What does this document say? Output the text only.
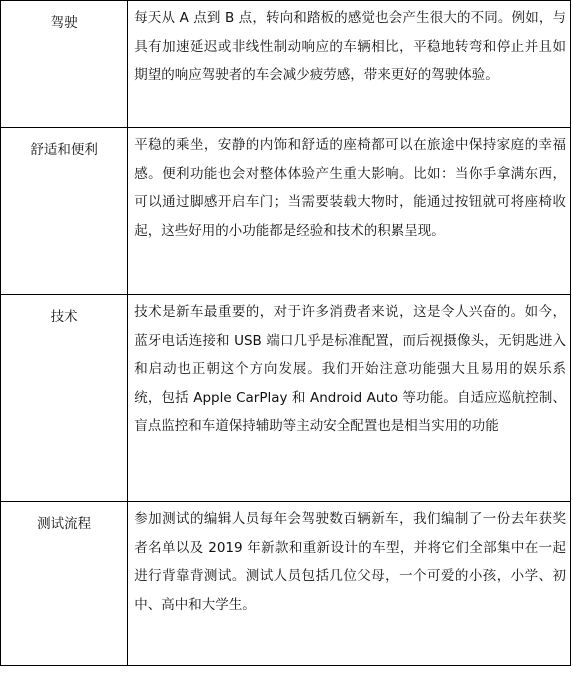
驾驶	每天从 A 点到 B 点，转向和踏板的感觉也会产生很大的不同。例如，与具有加速延迟或非线性制动响应的车辆相比，平稳地转弯和停止并且如期望的响应驾驶者的车会减少疲劳感，带来更好的驾驶体验。
舒适和便利	平稳的乘坐，安静的内饰和舒适的座椅都可以在旅途中保持家庭的幸福感。便利功能也会对整体体验产生重大影响。比如：当你手拿满东西，可以通过脚感开启车门；当需要装载大物时，能通过按钮就可将座椅收起，这些好用的小功能都是经验和技术的积累呈现。
技术	技术是新车最重要的，对于许多消费者来说，这是令人兴奋的。如今，蓝牙电话连接和 USB 端口几乎是标准配置，而后视摄像头，无钥匙进入和启动也正朝这个方向发展。我们开始注意功能强大且易用的娱乐系统，包括 Apple CarPlay 和 Android Auto 等功能。自适应巡航控制、盲点监控和车道保持辅助等主动安全配置也是相当实用的功能
测试流程	参加测试的编辑人员每年会驾驶数百辆新车，我们编制了一份去年获奖者名单以及 2019 年新款和重新设计的车型，并将它们全部集中在一起进行背靠背测试。测试人员包括几位父母，一个可爱的小孩，小学、初中、高中和大学生。
